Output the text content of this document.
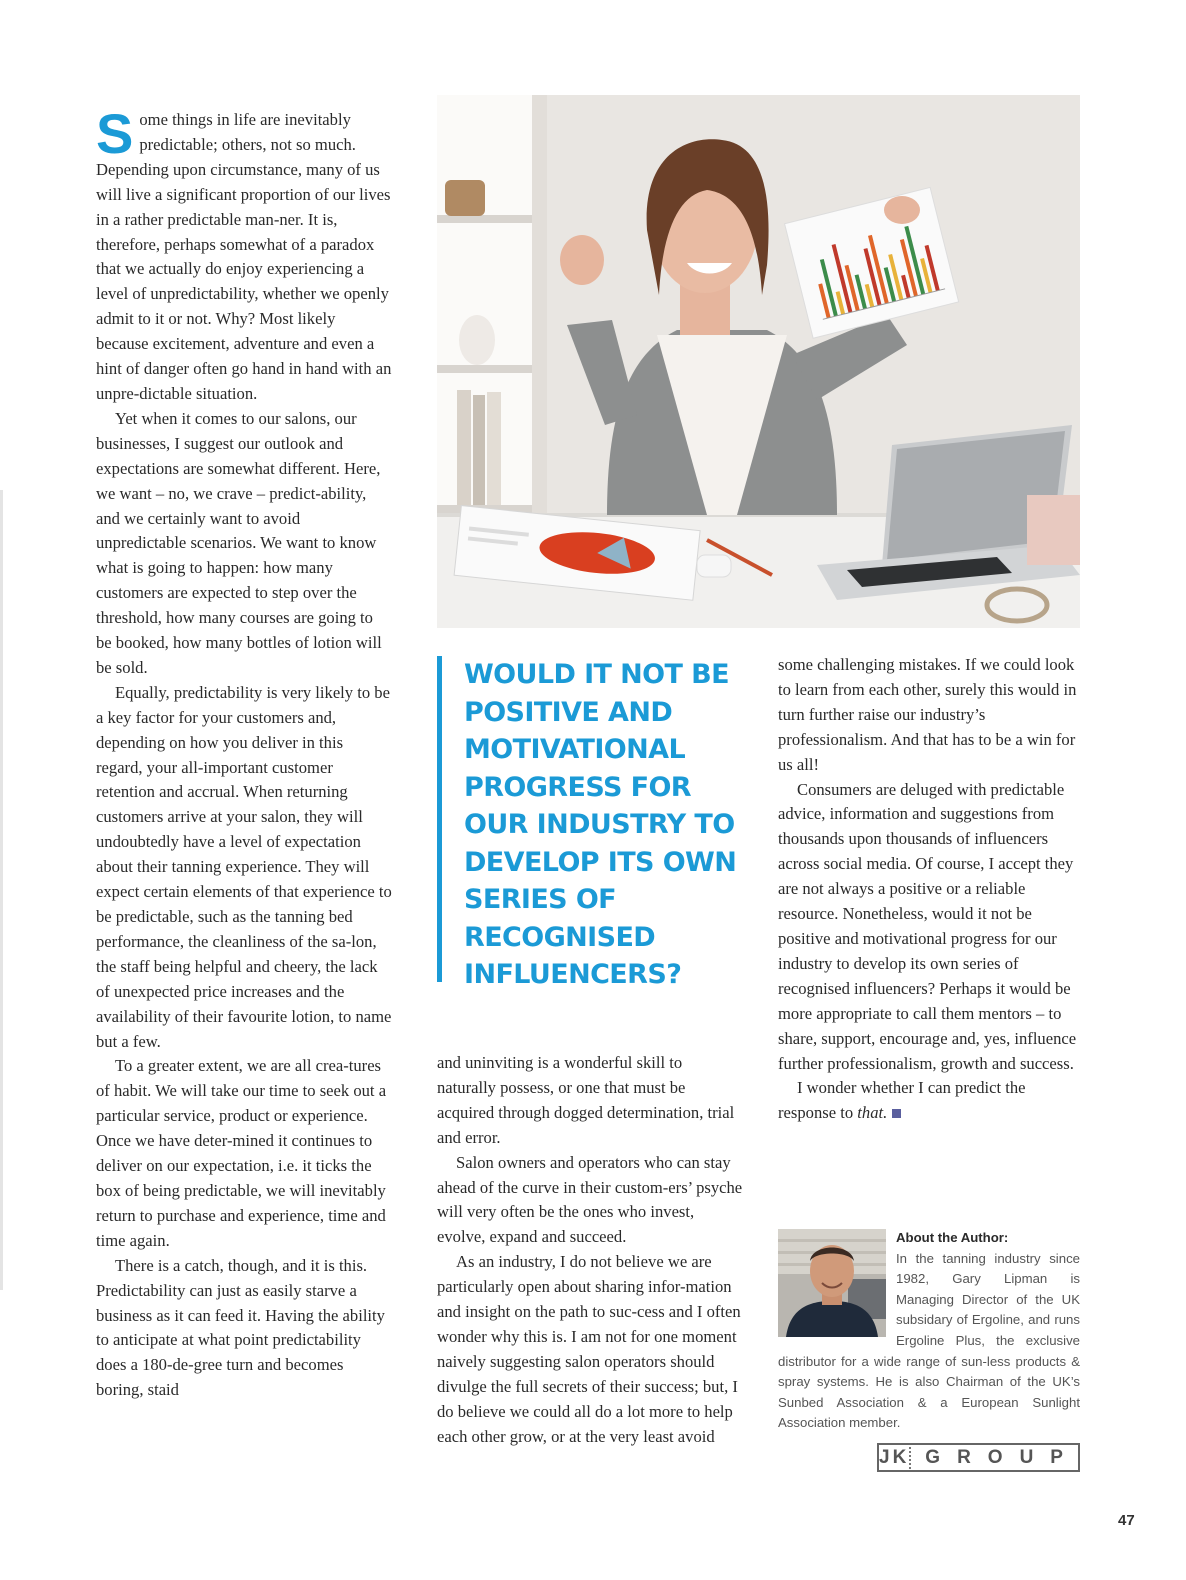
Some things in life are inevitably predictable; others, not so much. Depending upon circumstance, many of us will live a significant proportion of our lives in a rather predictable man-ner. It is, therefore, perhaps somewhat of a paradox that we actually do enjoy experiencing a level of unpredictability, whether we openly admit to it or not. Why? Most likely because excitement, adventure and even a hint of danger often go hand in hand with an unpre-dictable situation.

Yet when it comes to our salons, our businesses, I suggest our outlook and expectations are somewhat different. Here, we want – no, we crave – predict-ability, and we certainly want to avoid unpredictable scenarios. We want to know what is going to happen: how many customers are expected to step over the threshold, how many courses are going to be booked, how many bottles of lotion will be sold.

Equally, predictability is very likely to be a key factor for your customers and, depending on how you deliver in this regard, your all-important customer retention and accrual. When returning customers arrive at your salon, they will undoubtedly have a level of expectation about their tanning experience. They will expect certain elements of that experience to be predictable, such as the tanning bed performance, the cleanliness of the sa-lon, the staff being helpful and cheery, the lack of unexpected price increases and the availability of their favourite lotion, to name but a few.

To a greater extent, we are all crea-tures of habit. We will take our time to seek out a particular service, product or experience. Once we have deter-mined it continues to deliver on our expectation, i.e. it ticks the box of being predictable, we will inevitably return to purchase and experience, time and time again.

There is a catch, though, and it is this. Predictability can just as easily starve a business as it can feed it. Having the ability to anticipate at what point predictability does a 180-de-gree turn and becomes boring, staid

WOULD IT NOT BE POSITIVE AND MOTIVATIONAL PROGRESS FOR OUR INDUSTRY TO DEVELOP ITS OWN SERIES OF RECOGNISED INFLUENCERS?

and uninviting is a wonderful skill to naturally possess, or one that must be acquired through dogged determination, trial and error.

Salon owners and operators who can stay ahead of the curve in their custom-ers’ psyche will very often be the ones who invest, evolve, expand and succeed.

As an industry, I do not believe we are particularly open about sharing infor-mation and insight on the path to suc-cess and I often wonder why this is. I am not for one moment naively suggesting salon operators should divulge the full secrets of their success; but, I do believe we could all do a lot more to help each other grow, or at the very least avoid

some challenging mistakes. If we could look to learn from each other, surely this would in turn further raise our industry’s professionalism. And that has to be a win for us all!

Consumers are deluged with predictable advice, information and suggestions from thousands upon thousands of influencers across social media. Of course, I accept they are not always a positive or a reliable resource. Nonetheless, would it not be positive and motivational progress for our industry to develop its own series of recognised influencers? Perhaps it would be more appropriate to call them mentors – to share, support, encourage and, yes, influence further professionalism, growth and success.

I wonder whether I can predict the response to that.

About the Author:
In the tanning industry since 1982, Gary Lipman is Managing Director of the UK subsidary of Ergoline, and runs Ergoline Plus, the exclusive distributor for a wide range of sun-less products & spray systems. He is also Chairman of the UK’s Sunbed Association & a European Sunlight Association member.
JK GROUP
47
